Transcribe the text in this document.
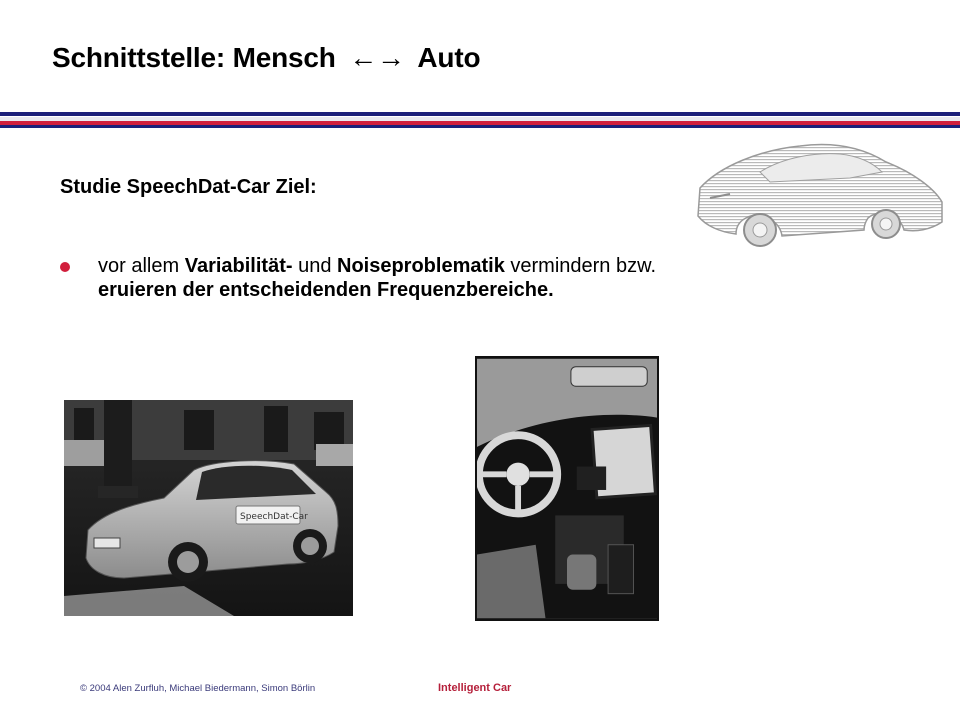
Schnittstelle: Mensch ←→ Auto
Studie SpeechDat-Car Ziel:
vor allem Variabilität- und Noiseproblematik vermindern bzw. eruieren der entscheidenden Frequenzbereiche.
SpeechDat-Car
© 2004 Alen Zurfluh, Michael Biedermann, Simon Börlin	Intelligent Car
